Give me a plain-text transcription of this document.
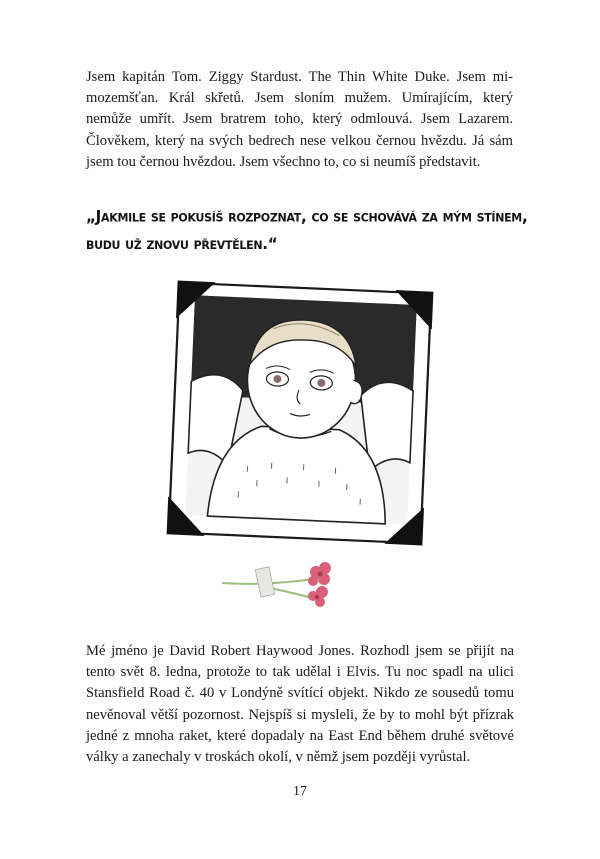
Jsem kapitán Tom. Ziggy Stardust. The Thin White Duke. Jsem mi-
mozemšťan. Král skřetů. Jsem sloním mužem. Umírajícím, který
nemůže umřít. Jsem bratrem toho, který odmlouvá. Jsem Lazarem.
Člověkem, který na svých bedrech nese velkou černou hvězdu. Já sám
jsem tou černou hvězdou. Jsem všechno to, co si neumíš představit.
„Jakmile se pokusíš rozpoznat, co se schovává za mým stínem,
budu už znovu převtělen.“
Mé jméno je David Robert Haywood Jones. Rozhodl jsem se přijít na
tento svět 8. ledna, protože to tak udělal i Elvis. Tu noc spadl na ulici
Stansfield Road č. 40 v Londýně svítící objekt. Nikdo ze sousedů tomu
nevěnoval větší pozornost. Nejspíš si mysleli, že by to mohl být přízrak
jedné z mnoha raket, které dopadaly na East End během druhé světové
války a zanechaly v troskách okolí, v němž jsem později vyrůstal.
17
